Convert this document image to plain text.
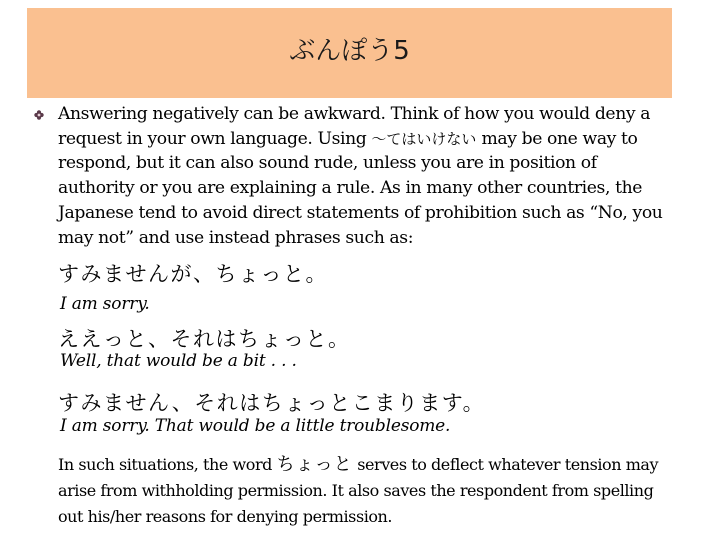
ぶんぽう5
Answering negatively can be awkward. Think of how you would deny a request in your own language. Using ～てはいけない may be one way to respond, but it can also sound rude, unless you are in position of authority or you are explaining a rule. As in many other countries, the Japanese tend to avoid direct statements of prohibition such as “No, you may not” and use instead phrases such as:
すみませんが、ちょっと。
I am sorry.
ええっと、それはちょっと。
Well, that would be a bit . . .
すみません、それはちょっとこまります。
I am sorry. That would be a little troublesome.
In such situations, the word ちょっと serves to deflect whatever tension may arise from withholding permission. It also saves the respondent from spelling out his/her reasons for denying permission.
